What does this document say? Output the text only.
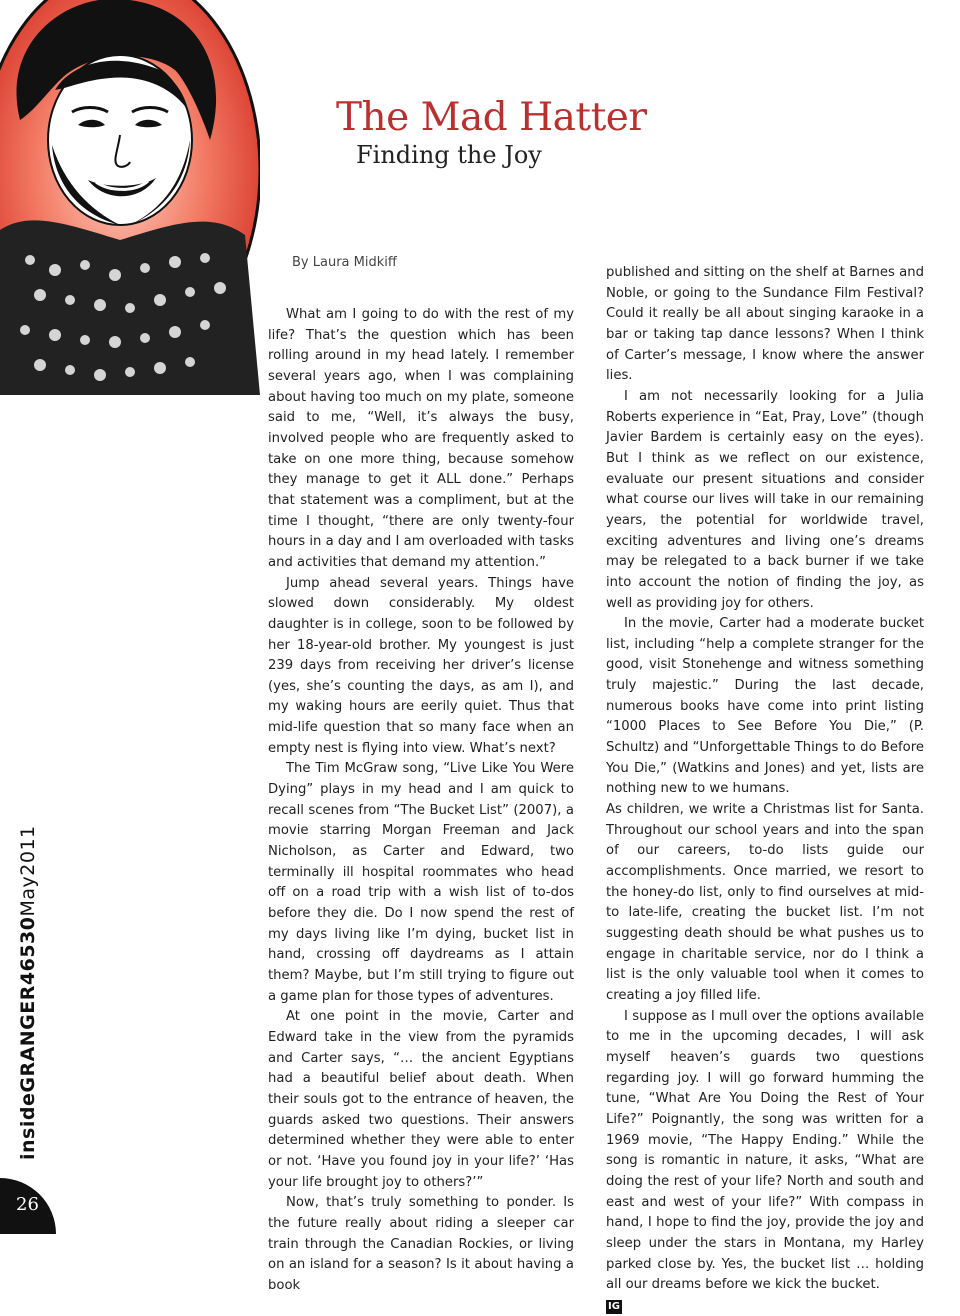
The Mad Hatter
Finding the Joy
By Laura Midkiff

What am I going to do with the rest of my life? That’s the question which has been rolling around in my head lately. I remember several years ago, when I was complaining about having too much on my plate, someone said to me, “Well, it’s always the busy, involved people who are frequently asked to take on one more thing, because somehow they manage to get it ALL done.” Perhaps that statement was a compliment, but at the time I thought, “there are only twenty-four hours in a day and I am overloaded with tasks and activities that demand my attention.”

Jump ahead several years. Things have slowed down considerably. My oldest daughter is in college, soon to be followed by her 18-year-old brother. My youngest is just 239 days from receiving her driver’s license (yes, she’s counting the days, as am I), and my waking hours are eerily quiet. Thus that mid-life question that so many face when an empty nest is flying into view. What’s next?

The Tim McGraw song, “Live Like You Were Dying” plays in my head and I am quick to recall scenes from “The Bucket List” (2007), a movie starring Morgan Freeman and Jack Nicholson, as Carter and Edward, two terminally ill hospital roommates who head off on a road trip with a wish list of to-dos before they die. Do I now spend the rest of my days living like I’m dying, bucket list in hand, crossing off daydreams as I attain them? Maybe, but I’m still trying to figure out a game plan for those types of adventures.

At one point in the movie, Carter and Edward take in the view from the pyramids and Carter says, “… the ancient Egyptians had a beautiful belief about death. When their souls got to the entrance of heaven, the guards asked two questions. Their answers determined whether they were able to enter or not. ‘Have you found joy in your life?’ ‘Has your life brought joy to others?’”

Now, that’s truly something to ponder. Is the future really about riding a sleeper car train through the Canadian Rockies, or living on an island for a season? Is it about having a book

published and sitting on the shelf at Barnes and Noble, or going to the Sundance Film Festival? Could it really be all about singing karaoke in a bar or taking tap dance lessons? When I think of Carter’s message, I know where the answer lies.

I am not necessarily looking for a Julia Roberts experience in “Eat, Pray, Love” (though Javier Bardem is certainly easy on the eyes). But I think as we reflect on our existence, evaluate our present situations and consider what course our lives will take in our remaining years, the potential for worldwide travel, exciting adventures and living one’s dreams may be relegated to a back burner if we take into account the notion of finding the joy, as well as providing joy for others.

In the movie, Carter had a moderate bucket list, including “help a complete stranger for the good, visit Stonehenge and witness something truly majestic.” During the last decade, numerous books have come into print listing “1000 Places to See Before You Die,” (P. Schultz) and “Unforgettable Things to do Before You Die,” (Watkins and Jones) and yet, lists are nothing new to we humans.

As children, we write a Christmas list for Santa. Throughout our school years and into the span of our careers, to-do lists guide our accomplishments. Once married, we resort to the honey-do list, only to find ourselves at mid- to late-life, creating the bucket list. I’m not suggesting death should be what pushes us to engage in charitable service, nor do I think a list is the only valuable tool when it comes to creating a joy filled life.

I suppose as I mull over the options available to me in the upcoming decades, I will ask myself heaven’s guards two questions regarding joy. I will go forward humming the tune, “What Are You Doing the Rest of Your Life?” Poignantly, the song was written for a 1969 movie, “The Happy Ending.” While the song is romantic in nature, it asks, “What are doing the rest of your life? North and south and east and west of your life?” With compass in hand, I hope to find the joy, provide the joy and sleep under the stars in Montana, my Harley parked close by. Yes, the bucket list … holding all our dreams before we kick the bucket.

IG
insideGRANGER46530May2011
26
